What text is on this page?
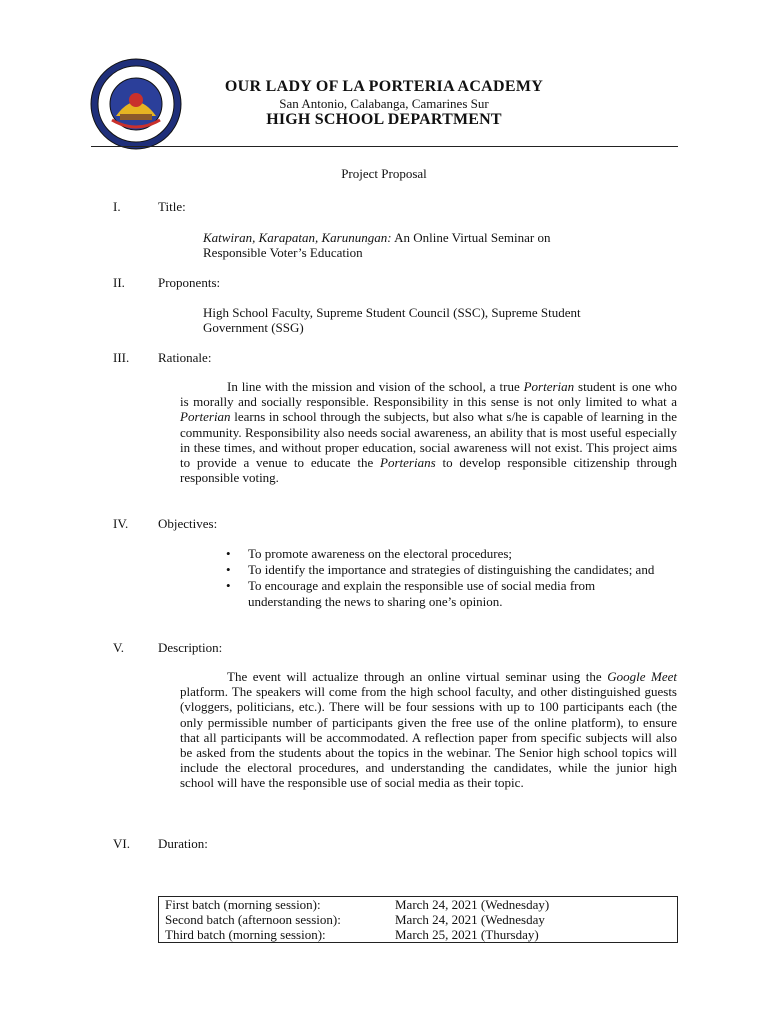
OUR LADY OF LA PORTERIA ACADEMY
San Antonio, Calabanga, Camarines Sur
HIGH SCHOOL DEPARTMENT
Project Proposal
I.	Title:
Katwiran, Karapatan, Karunungan: An Online Virtual Seminar on
Responsible Voter’s Education
II.	Proponents:
High School Faculty, Supreme Student Council (SSC), Supreme Student
Government (SSG)
III. Rationale:
In line with the mission and vision of the school, a true Porterian student is one who is morally and socially responsible. Responsibility in this sense is not only limited to what a Porterian learns in school through the subjects, but also what s/he is capable of learning in the community. Responsibility also needs social awareness, an ability that is most useful especially in these times, and without proper education, social awareness will not exist. This project aims to provide a venue to educate the Porterians to develop responsible citizenship through responsible voting.
IV. Objectives:
• To promote awareness on the electoral procedures;
• To identify the importance and strategies of distinguishing the candidates; and
• To encourage and explain the responsible use of social media from understanding the news to sharing one’s opinion.
V.	Description:
The event will actualize through an online virtual seminar using the Google Meet platform. The speakers will come from the high school faculty, and other distinguished guests (vloggers, politicians, etc.). There will be four sessions with up to 100 participants each (the only permissible number of participants given the free use of the online platform), to ensure that all participants will be accommodated. A reflection paper from specific subjects will also be asked from the students about the topics in the webinar. The Senior high school topics will include the electoral procedures, and understanding the candidates, while the junior high school will have the responsible use of social media as their topic.
VI. Duration:
First batch (morning session):	March 24, 2021 (Wednesday)
Second batch (afternoon session):	March 24, 2021 (Wednesday
Third batch (morning session):	March 25, 2021 (Thursday)
